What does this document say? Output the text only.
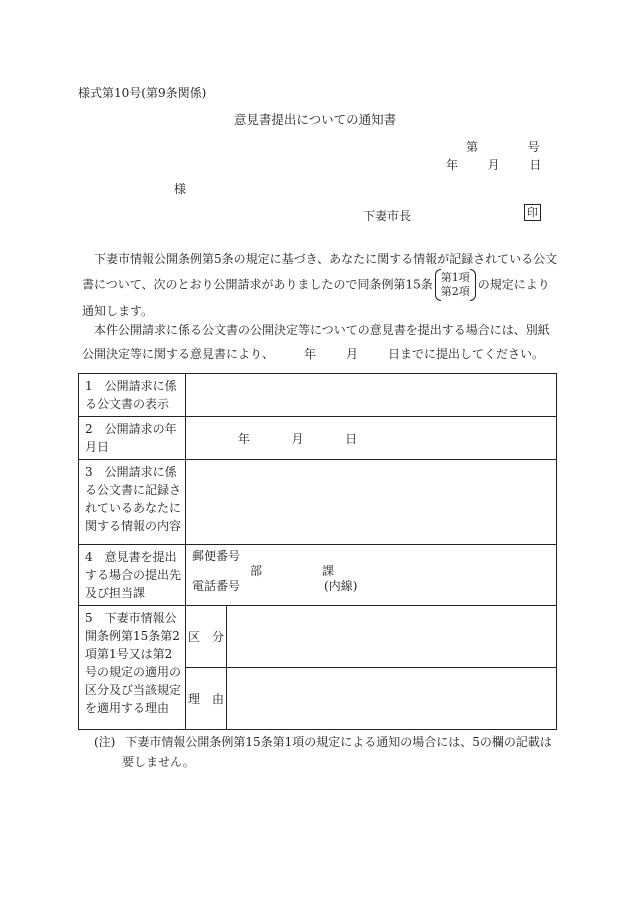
様式第10号(第9条関係)
意見書提出についての通知書
第	号
年 月 日
様
下妻市長	印
下妻市情報公開条例第5条の規定に基づき、あなたに関する情報が記録されている公文書について、次のとおり公開請求がありましたので同条例第15条 第1項
第2項 の規定により通知します。
本件公開請求に係る公文書の公開決定等についての意見書を提出する場合には、別紙公開決定等に関する意見書により、	年	月	日までに提出してください。
1　公開請求に係る公文書の表示		
2　公開請求の年月日	年 月 日	
3　公開請求に係る公文書に記録されているあなたに関する情報の内容		
4　意見書を提出する場合の提出先及び担当課	郵便番号
部 課
電話番号 (内線)	

5　下妻市情報公開条例第15条第2項第1号又は第2号の規定の適用の区分及び当該規定を適用する理由	区　分	
	理　由	
(注) 下妻市情報公開条例第15条第1項の規定による通知の場合には、5の欄の記載は要しません。
